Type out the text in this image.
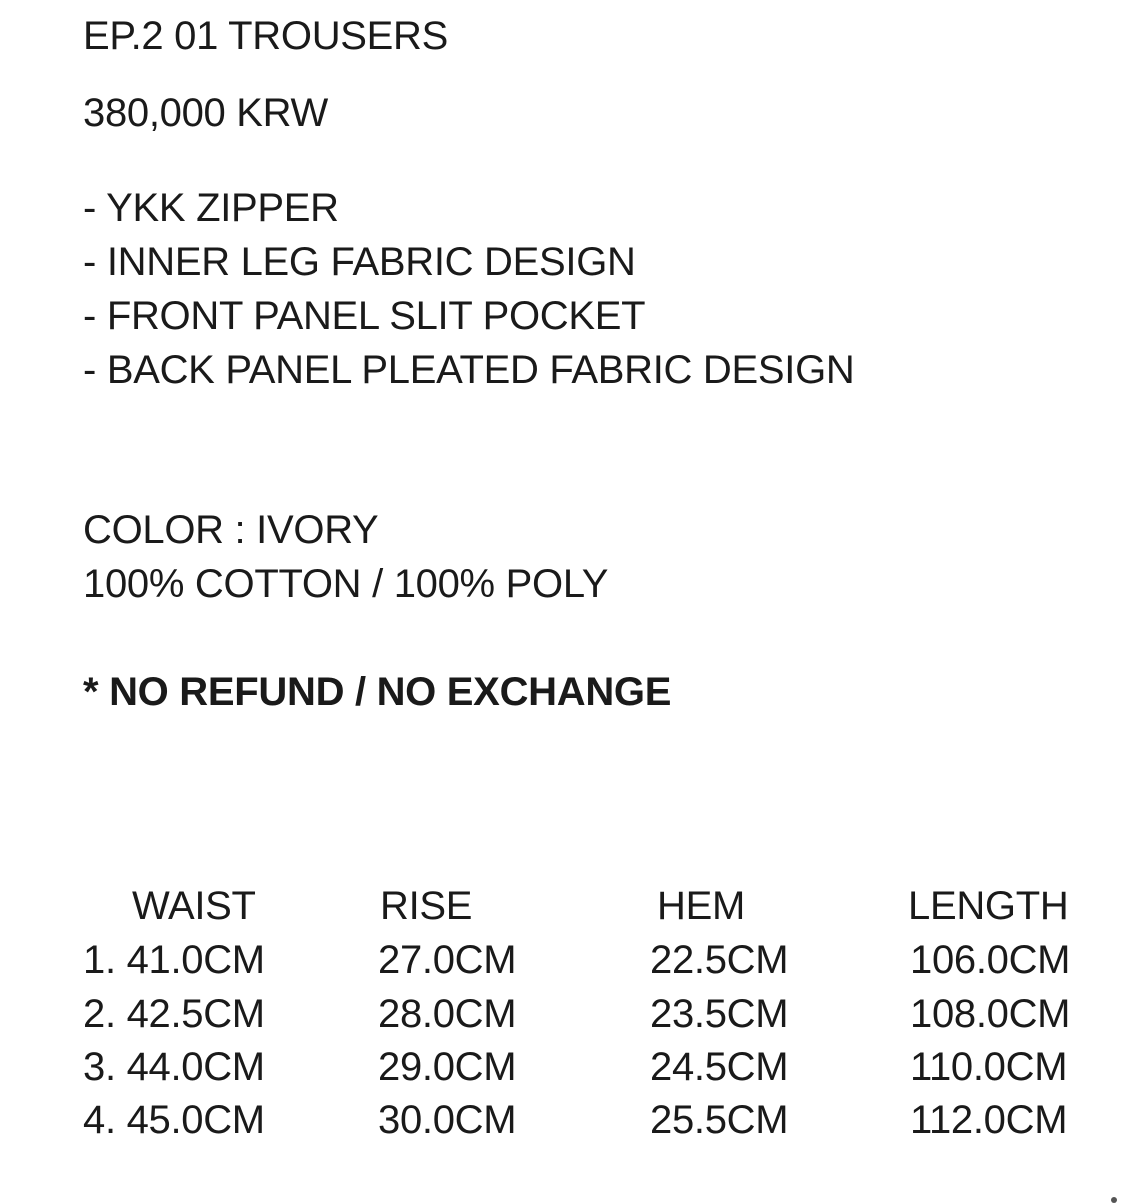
EP.2 01 TROUSERS
380,000 KRW
- YKK ZIPPER
- INNER LEG FABRIC DESIGN
- FRONT PANEL SLIT POCKET
- BACK PANEL PLEATED FABRIC DESIGN
COLOR : IVORY
100% COTTON / 100% POLY
* NO REFUND / NO EXCHANGE
WAIST	RISE	HEM	LENGTH
1. 41.0CM	27.0CM	22.5CM	106.0CM
2. 42.5CM	28.0CM	23.5CM	108.0CM
3. 44.0CM	29.0CM	24.5CM	110.0CM
4. 45.0CM	30.0CM	25.5CM	112.0CM
